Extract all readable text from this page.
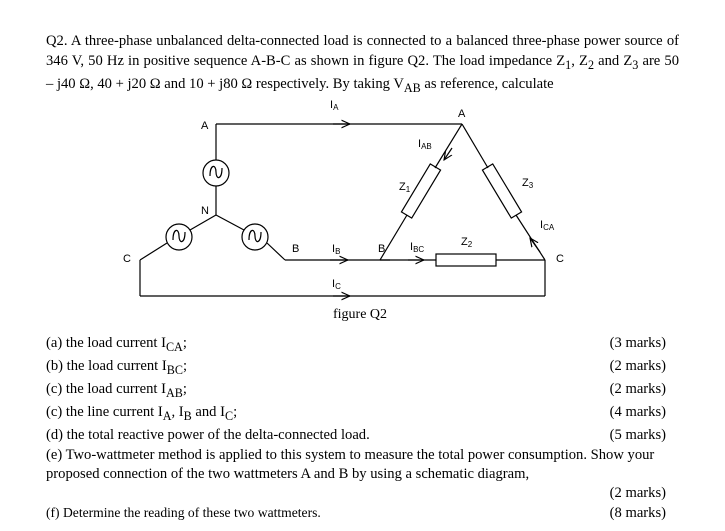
Q2. A three-phase unbalanced delta-connected load is connected to a balanced three-phase power source of 346 V, 50 Hz in positive sequence A-B-C as shown in figure Q2. The load impedance $Z_1$, $Z_2$ and $Z_3$ are 50 – j40 Ω, 40 + j20 Ω and 10 + j80 Ω respectively. By taking $V_{AB}$ as reference, calculate

IA
A
A
IAB
Z1
Z3
N
ICA
Z2
C
B	IB	B IBC
C
IC
figure Q2
(a) the load current $I_{CA}$;	(3 marks)
(b) the load current $I_{BC}$;	(2 marks)
(c) the load current $I_{AB}$;	(2 marks)
(c) the line current $I_A$, $I_B$ and $I_C$;	(4 marks)
(d) the total reactive power of the delta-connected load.	(5 marks)

(e) Two-wattmeter method is applied to this system to measure the total power consumption. Show your proposed connection of the two wattmeters A and B by using a schematic diagram,

(2 marks)
(f) Determine the reading of these two wattmeters.	(8 marks)
